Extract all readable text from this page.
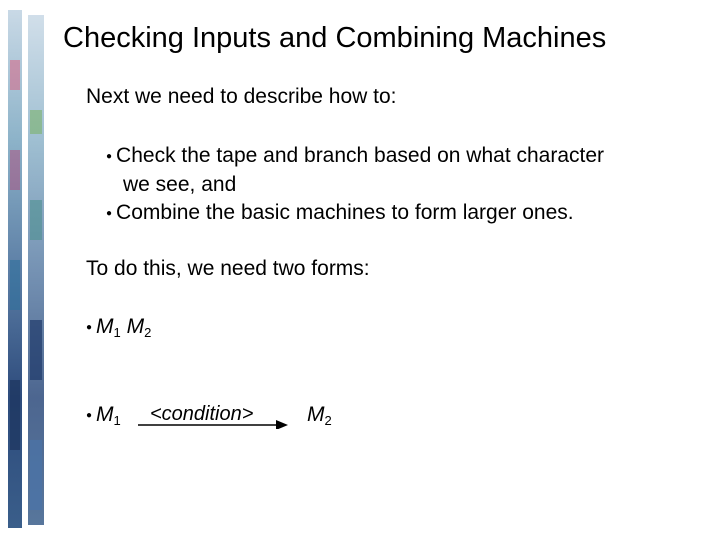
Checking Inputs and Combining Machines
Next we need to describe how to:
● Check the tape and branch based on what character
we see, and
● Combine the basic machines to form larger ones.
To do this, we need two forms:
● $M_1$ $M_2$
● $M_1$ <condition>	$M_2$
